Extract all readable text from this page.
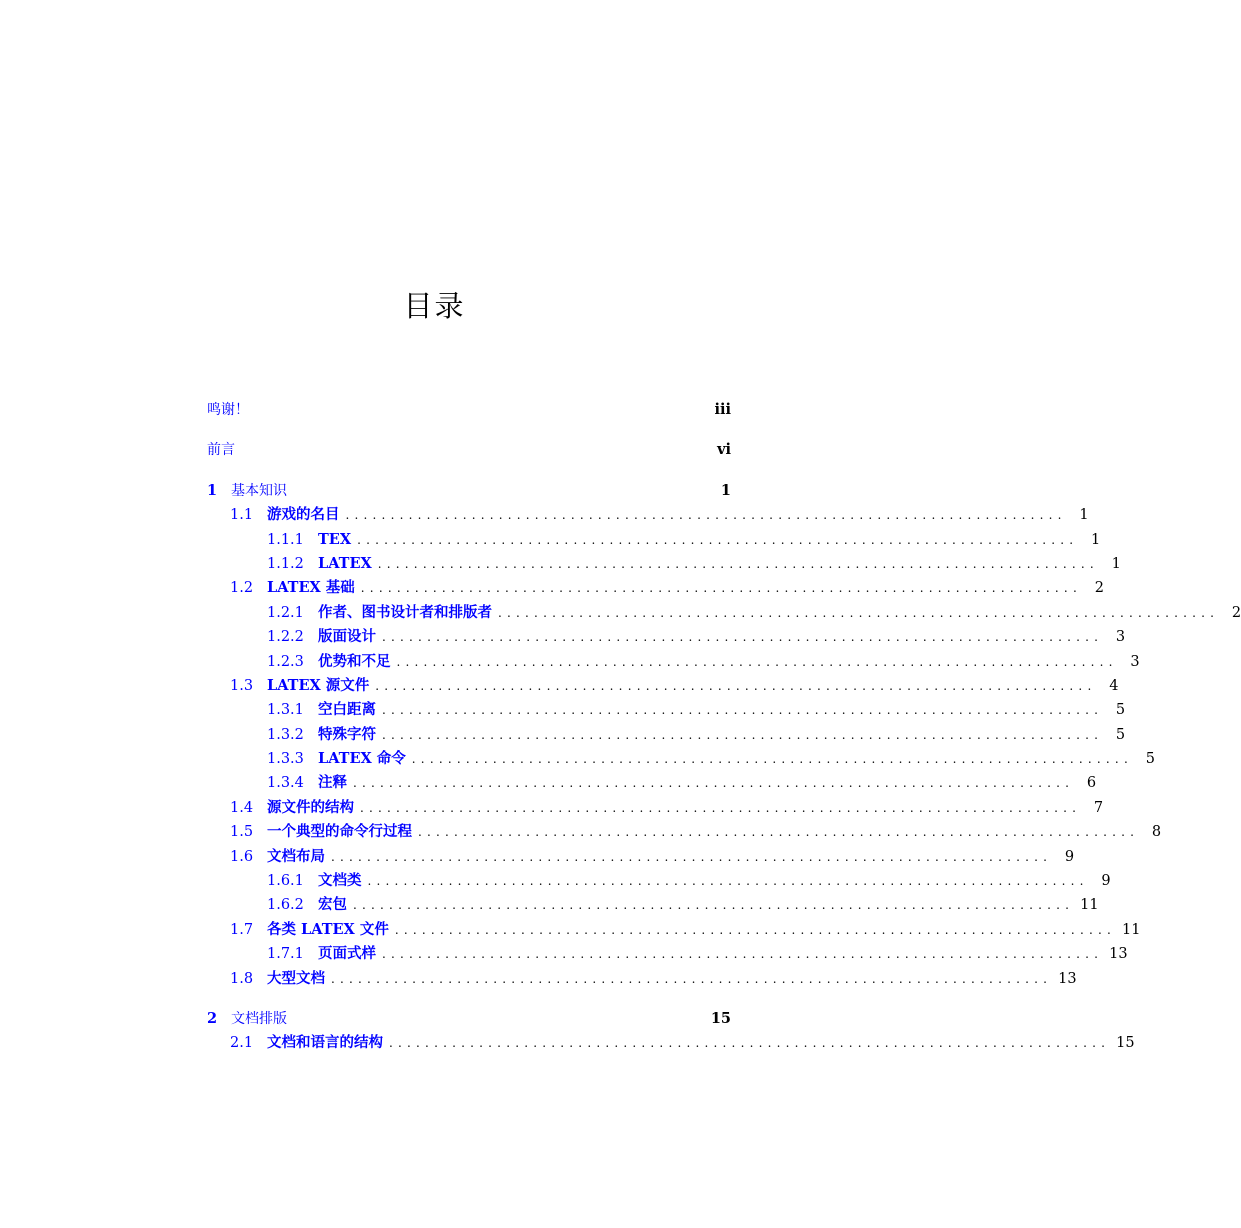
目录
鸣谢！	iii
前言	vi
1 基本知识	1
1.1 游戏的名目 ................................................................................ 1
1.1.1 TEX ................................................................................ 1
1.1.2 LATEX ................................................................................ 1
1.2 LATEX 基础 ................................................................................ 2
1.2.1 作者、图书设计者和排版者 ................................................................................ 2
1.2.2 版面设计 ................................................................................ 3
1.2.3 优势和不足 ................................................................................ 3
1.3 LATEX 源文件 ................................................................................ 4
1.3.1 空白距离 ................................................................................ 5
1.3.2 特殊字符 ................................................................................ 5
1.3.3 LATEX 命令 ................................................................................ 5
1.3.4 注释 ................................................................................ 6
1.4 源文件的结构 ................................................................................ 7
1.5 一个典型的命令行过程 ................................................................................ 8
1.6 文档布局 ................................................................................ 9
1.6.1 文档类 ................................................................................ 9
1.6.2 宏包 ................................................................................ 11
1.7 各类 LATEX 文件 ................................................................................ 11
1.7.1 页面式样 ................................................................................ 13
1.8 大型文档 ................................................................................ 13
2 文档排版	15
2.1 文档和语言的结构 ................................................................................ 15
